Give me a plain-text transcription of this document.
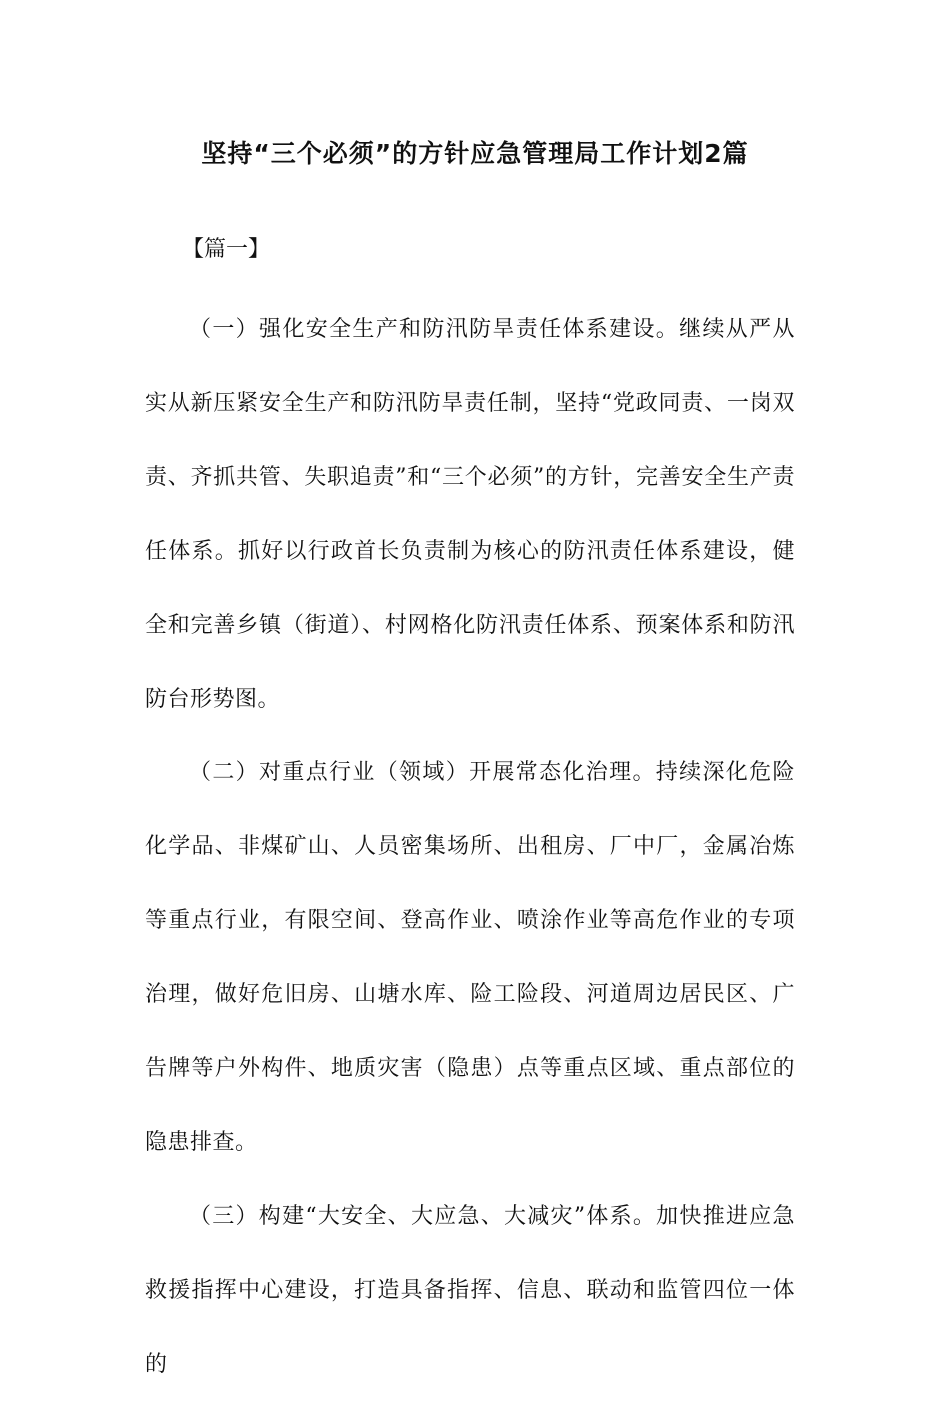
坚持“三个必须”的方针应急管理局工作计划2篇

【篇一】

（一）强化安全生产和防汛防旱责任体系建设。继续从严从实从新压紧安全生产和防汛防旱责任制，坚持“党政同责、一岗双责、齐抓共管、失职追责”和“三个必须”的方针，完善安全生产责任体系。抓好以行政首长负责制为核心的防汛责任体系建设，健全和完善乡镇（街道）、村网格化防汛责任体系、预案体系和防汛防台形势图。

（二）对重点行业（领域）开展常态化治理。持续深化危险化学品、非煤矿山、人员密集场所、出租房、厂中厂，金属冶炼等重点行业，有限空间、登高作业、喷涂作业等高危作业的专项治理，做好危旧房、山塘水库、险工险段、河道周边居民区、广告牌等户外构件、地质灾害（隐患）点等重点区域、重点部位的隐患排查。

（三）构建“大安全、大应急、大减灾”体系。加快推进应急救援指挥中心建设，打造具备指挥、信息、联动和监管四位一体的
